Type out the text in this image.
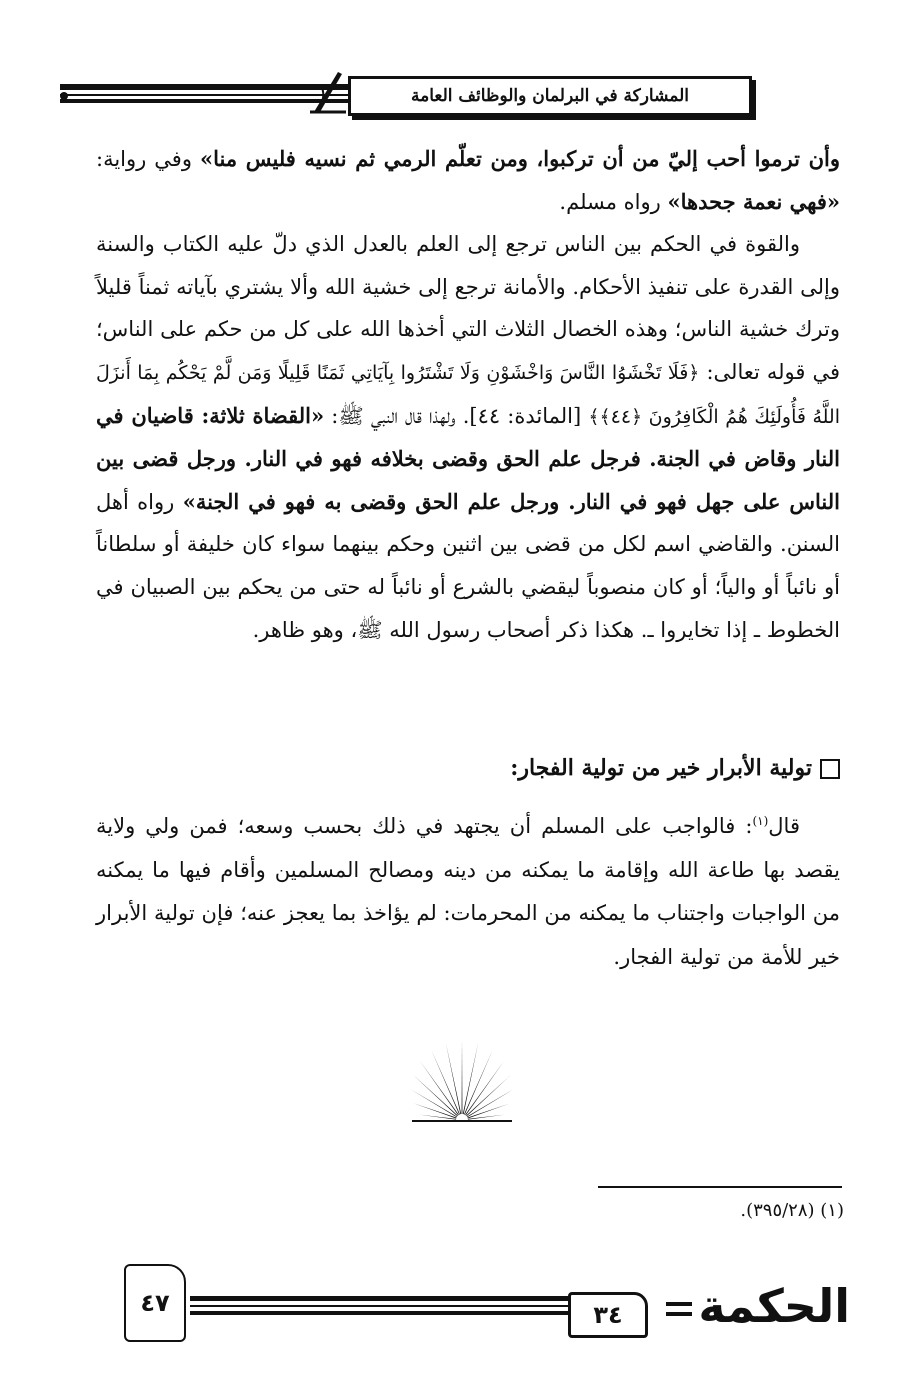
المشاركة في البرلمان والوظائف العامة

وأن ترموا أحب إليّ من أن تركبوا، ومن تعلّم الرمي ثم نسيه فليس منا» وفي رواية: «فهي نعمة جحدها» رواه مسلم.

والقوة في الحكم بين الناس ترجع إلى العلم بالعدل الذي دلّ عليه الكتاب والسنة وإلى القدرة على تنفيذ الأحكام. والأمانة ترجع إلى خشية الله وألا يشتري بآياته ثمناً قليلاً وترك خشية الناس؛ وهذه الخصال الثلاث التي أخذها الله على كل من حكم على الناس؛ في قوله تعالى: ﴿فَلَا تَخْشَوُا النَّاسَ وَاخْشَوْنِ وَلَا تَشْتَرُوا بِآيَاتِي ثَمَنًا قَلِيلًا وَمَن لَّمْ يَحْكُم بِمَا أَنزَلَ اللَّهُ فَأُولَئِكَ هُمُ الْكَافِرُونَ ﴿٤٤﴾﴾ [المائدة: ٤٤]. ولهذا قال النبي ﷺ: «القضاة ثلاثة: قاضيان في النار وقاض في الجنة. فرجل علم الحق وقضى بخلافه فهو في النار. ورجل قضى بين الناس على جهل فهو في النار. ورجل علم الحق وقضى به فهو في الجنة» رواه أهل السنن. والقاضي اسم لكل من قضى بين اثنين وحكم بينهما سواء كان خليفة أو سلطاناً أو نائباً أو والياً؛ أو كان منصوباً ليقضي بالشرع أو نائباً له حتى من يحكم بين الصبيان في الخطوط ـ إذا تخايروا ـ. هكذا ذكر أصحاب رسول الله ﷺ، وهو ظاهر.

تولية الأبرار خير من تولية الفجار:

قال$^{(١)}$: فالواجب على المسلم أن يجتهد في ذلك بحسب وسعه؛ فمن ولي ولاية يقصد بها طاعة الله وإقامة ما يمكنه من دينه ومصالح المسلمين وأقام فيها ما يمكنه من الواجبات واجتناب ما يمكنه من المحرمات: لم يؤاخذ بما يعجز عنه؛ فإن تولية الأبرار خير للأمة من تولية الفجار.

(١) (٣٩٥/٢٨).
٤٧	٣٤	الحكمة
